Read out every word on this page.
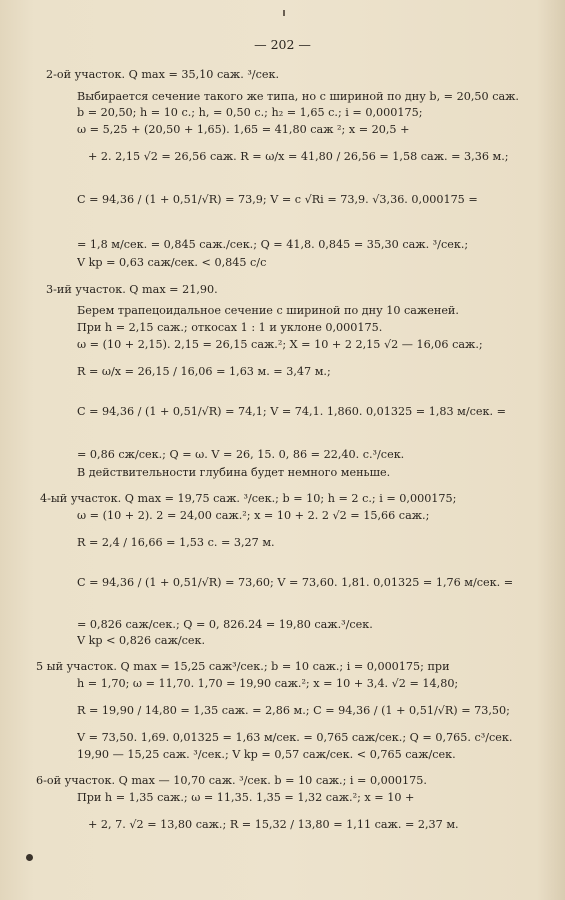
— 202 —
2-ой участок. Q max = 35,10 саж. ³/сек.
Выбирается сечение такого же типа, но с шириной по дну b, = 20,50 саж.
b = 20,50; h = 10 с.; h, = 0,50 с.; h₂ = 1,65 с.; i = 0,000175;
ω = 5,25 + (20,50 + 1,65). 1,65 = 41,80 саж ²; x = 20,5 +
+ 2. 2,15 √2 = 26,56 саж. R = ω/x = 41,80 / 26,56 = 1,58 саж. = 3,36 м.;
C = 94,36 / (1 + 0,51/√R) = 73,9; V = c √Ri = 73,9. √3,36. 0,000175 =
= 1,8 м/сек. = 0,845 саж./сек.; Q = 41,8. 0,845 = 35,30 саж. ³/сек.;
V kp = 0,63 саж/сек. < 0,845 с/с
3-ий участок. Q max = 21,90.
Берем трапецоидальное сечение с шириной по дну 10 саженей.
При h = 2,15 саж.; откосах 1 : 1 и уклоне 0,000175.
ω = (10 + 2,15). 2,15 = 26,15 саж.²; X = 10 + 2 2,15 √2 — 16,06 саж.;
R = ω/x = 26,15 / 16,06 = 1,63 м. = 3,47 м.;
C = 94,36 / (1 + 0,51/√R) = 74,1; V = 74,1. 1,860. 0,01325 = 1,83 м/сек. =
= 0,86 сж/сек.; Q = ω. V = 26, 15. 0, 86 = 22,40. с.³/сек.
В действительности глубина будет немного меньше.
4-ый участок. Q max = 19,75 саж. ³/сек.; b = 10; h = 2 с.; i = 0,000175;
ω = (10 + 2). 2 = 24,00 саж.²; x = 10 + 2. 2 √2 = 15,66 саж.;
R = 2,4 / 16,66 = 1,53 с. = 3,27 м.
C = 94,36 / (1 + 0,51/√R) = 73,60; V = 73,60. 1,81. 0,01325 = 1,76 м/сек. =
= 0,826 саж/сек.; Q = 0, 826.24 = 19,80 саж.³/сек.
V kp < 0,826 саж/сек.
5 ый участок. Q max = 15,25 саж³/сек.; b = 10 саж.; i = 0,000175; при
h = 1,70; ω = 11,70. 1,70 = 19,90 саж.²; x = 10 + 3,4. √2 = 14,80;
R = 19,90 / 14,80 = 1,35 саж. = 2,86 м.; C = 94,36 / (1 + 0,51/√R) = 73,50;
V = 73,50. 1,69. 0,01325 = 1,63 м/сек. = 0,765 саж/сек.; Q = 0,765. с³/сек.
19,90 — 15,25 саж. ³/сек.; V kp = 0,57 саж/сек. < 0,765 саж/сек.
6-ой участок. Q max — 10,70 саж. ³/сек. b = 10 саж.; i = 0,000175.
При h = 1,35 саж.; ω = 11,35. 1,35 = 1,32 саж.²; x = 10 +
+ 2, 7. √2 = 13,80 саж.; R = 15,32 / 13,80 = 1,11 саж. = 2,37 м.
